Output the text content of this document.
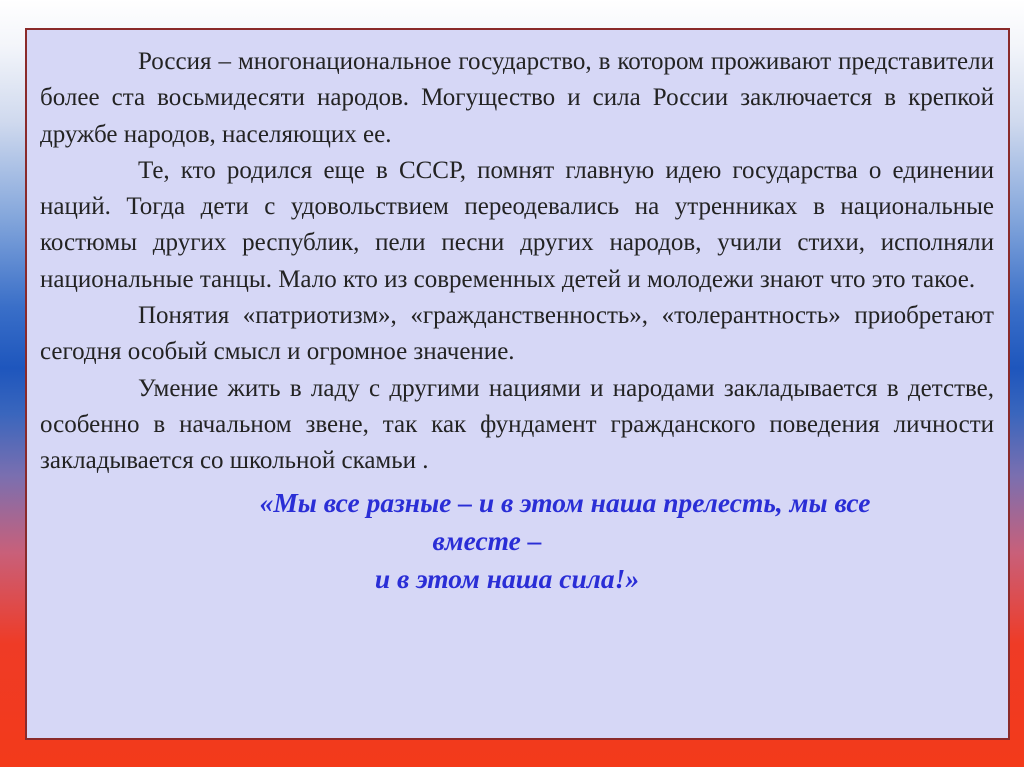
Россия – многонациональное государство, в котором проживают представители более ста восьмидесяти народов. Могущество и сила России заключается в крепкой дружбе народов, населяющих ее.

Те, кто родился еще в СССР, помнят главную идею государства о единении наций. Тогда дети с удовольствием переодевались на утренниках в национальные костюмы других республик, пели песни других народов, учили стихи, исполняли национальные танцы. Мало кто из современных детей и молодежи знают что это такое.

Понятия «патриотизм», «гражданственность», «толерантность» приобретают сегодня особый смысл и огромное значение.

Умение жить в ладу с другими нациями и народами закладывается в детстве, особенно в начальном звене, так как фундамент гражданского поведения личности закладывается со школьной скамьи .

«Мы все разные – и в этом наша прелесть, мы все
вместе –
и в этом наша сила!»
